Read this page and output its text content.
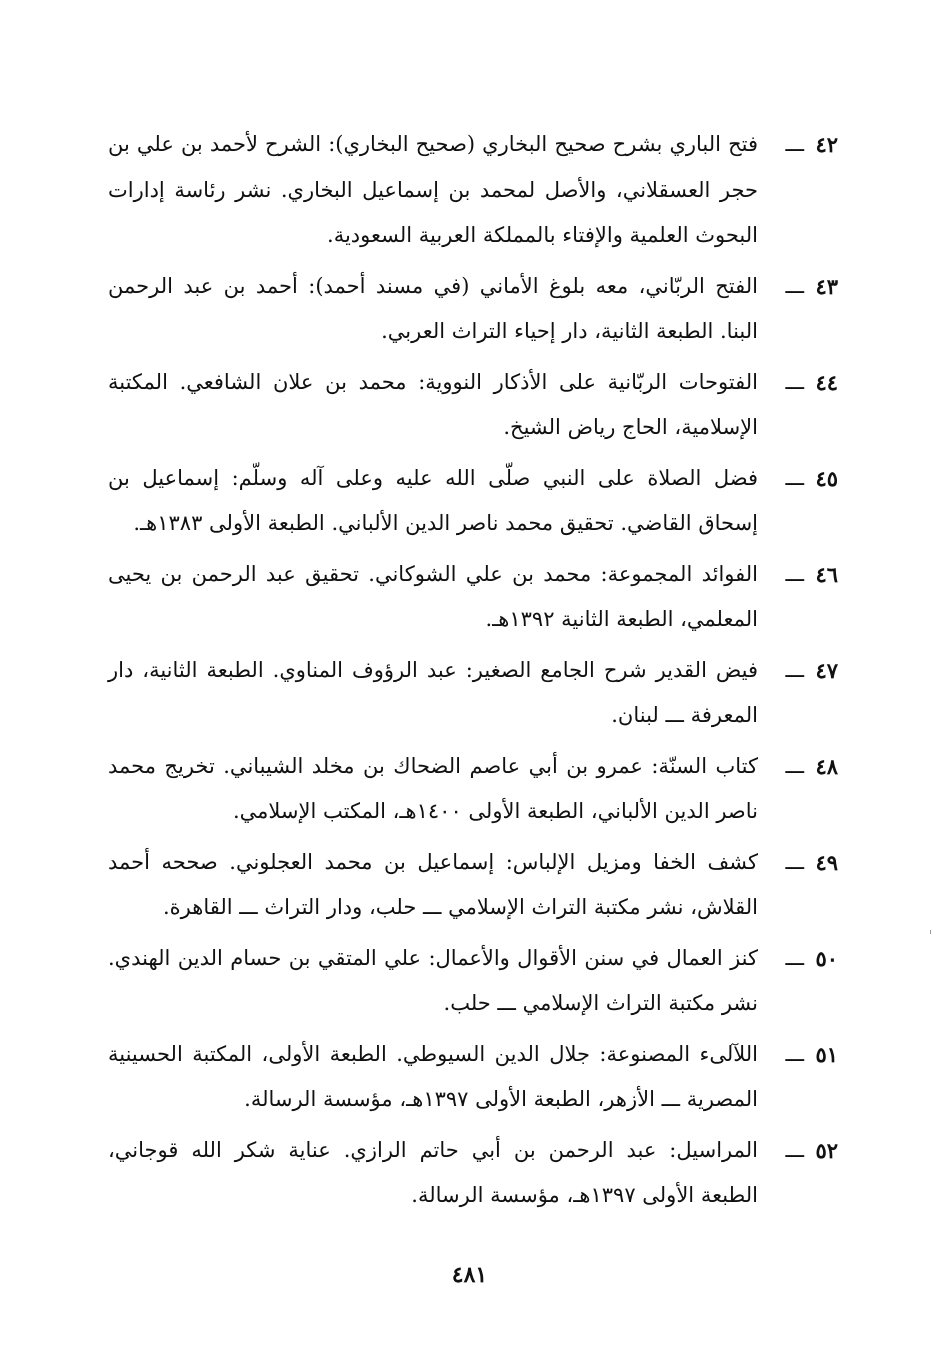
٤٢
ـــ
فتح الباري بشرح صحيح البخاري (صحيح البخاري): الشرح لأحمد بن علي بن حجر العسقلاني، والأصل لمحمد بن إسماعيل البخاري. نشر رئاسة إدارات البحوث العلمية والإفتاء بالمملكة العربية السعودية.
٤٣
ـــ
الفتح الربّاني، معه بلوغ الأماني (في مسند أحمد): أحمد بن عبد الرحمن البنا. الطبعة الثانية، دار إحياء التراث العربي.
٤٤
ـــ
الفتوحات الربّانية على الأذكار النووية: محمد بن علان الشافعي. المكتبة الإسلامية، الحاج رياض الشيخ.
٤٥
ـــ
فضل الصلاة على النبي صلّى الله عليه وعلى آله وسلّم: إسماعيل بن إسحاق القاضي. تحقيق محمد ناصر الدين الألباني. الطبعة الأولى ١٣٨٣هـ.
٤٦
ـــ
الفوائد المجموعة: محمد بن علي الشوكاني. تحقيق عبد الرحمن بن يحيى المعلمي، الطبعة الثانية ١٣٩٢هـ.
٤٧
ـــ
فيض القدير شرح الجامع الصغير: عبد الرؤوف المناوي. الطبعة الثانية، دار المعرفة ـــ لبنان.
٤٨
ـــ
كتاب السنّة: عمرو بن أبي عاصم الضحاك بن مخلد الشيباني. تخريج محمد ناصر الدين الألباني، الطبعة الأولى ١٤٠٠هـ، المكتب الإسلامي.
٤٩
ـــ
كشف الخفا ومزيل الإلباس: إسماعيل بن محمد العجلوني. صححه أحمد القلاش، نشر مكتبة التراث الإسلامي ـــ حلب، ودار التراث ـــ القاهرة.
٥٠
ـــ
كنز العمال في سنن الأقوال والأعمال: علي المتقي بن حسام الدين الهندي. نشر مكتبة التراث الإسلامي ـــ حلب.
٥١
ـــ
اللآلىء المصنوعة: جلال الدين السيوطي. الطبعة الأولى، المكتبة الحسينية المصرية ـــ الأزهر، الطبعة الأولى ١٣٩٧هـ، مؤسسة الرسالة.
٥٢
ـــ
المراسيل: عبد الرحمن بن أبي حاتم الرازي. عناية شكر الله قوجاني، الطبعة الأولى ١٣٩٧هـ، مؤسسة الرسالة.
٤٨١
